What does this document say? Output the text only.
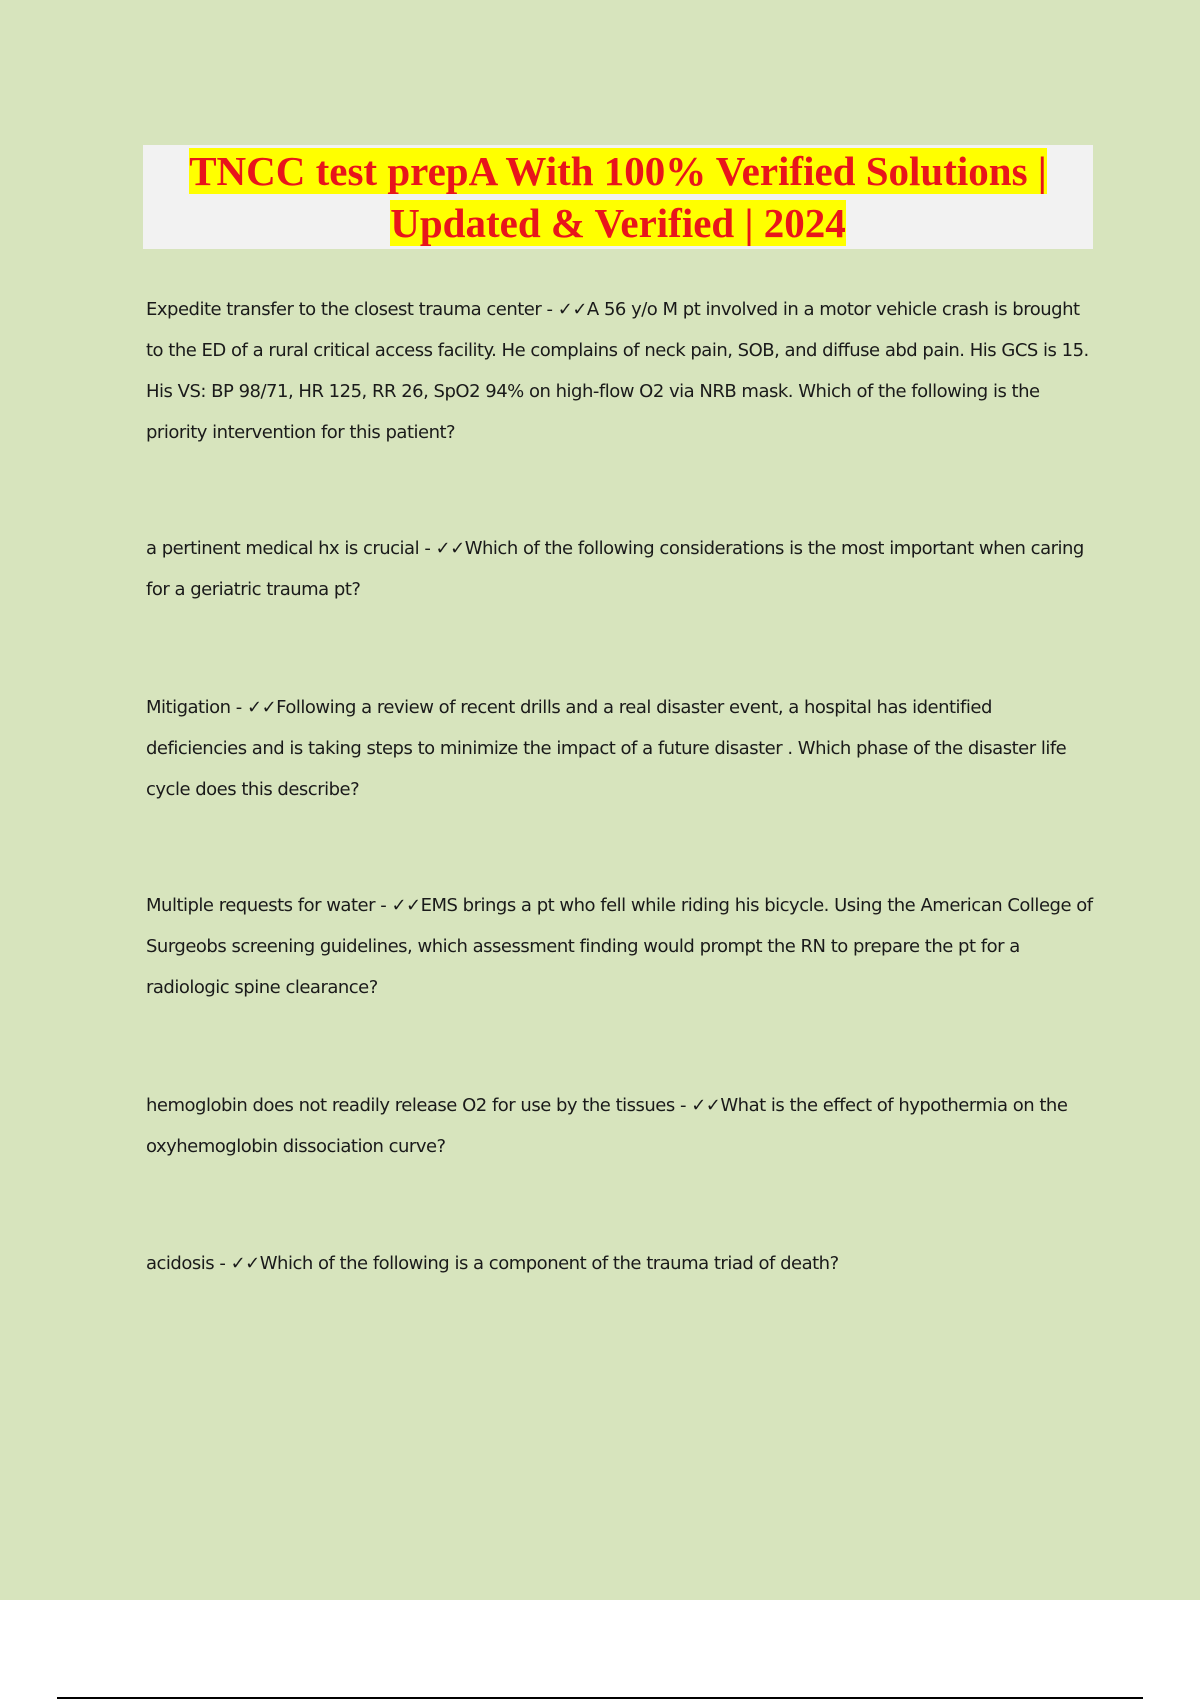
TNCC test prepA With 100% Verified Solutions |
Updated & Verified | 2024

Expedite transfer to the closest trauma center - ✓✓A 56 y/o M pt involved in a motor vehicle crash is brought to the ED of a rural critical access facility. He complains of neck pain, SOB, and diffuse abd pain. His GCS is 15. His VS: BP 98/71, HR 125, RR 26, SpO2 94% on high-flow O2 via NRB mask. Which of the following is the priority intervention for this patient?

a pertinent medical hx is crucial - ✓✓Which of the following considerations is the most important when caring for a geriatric trauma pt?

Mitigation - ✓✓Following a review of recent drills and a real disaster event, a hospital has identified deficiencies and is taking steps to minimize the impact of a future disaster . Which phase of the disaster life cycle does this describe?

Multiple requests for water - ✓✓EMS brings a pt who fell while riding his bicycle. Using the American College of Surgeobs screening guidelines, which assessment finding would prompt the RN to prepare the pt for a radiologic spine clearance?

hemoglobin does not readily release O2 for use by the tissues - ✓✓What is the effect of hypothermia on the oxyhemoglobin dissociation curve?

acidosis - ✓✓Which of the following is a component of the trauma triad of death?
